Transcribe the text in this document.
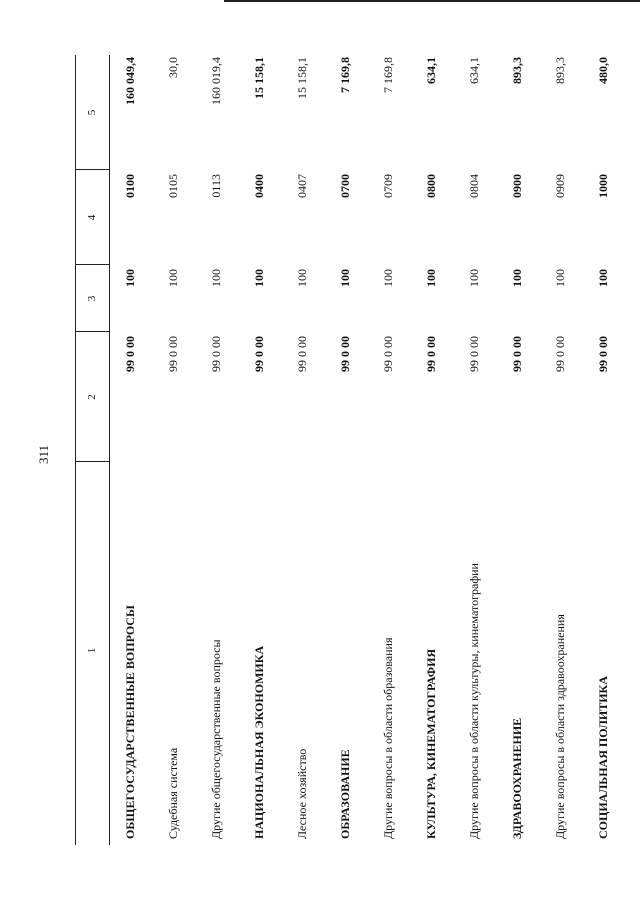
311
1
2
3
4
5
ОБЩЕГОСУДАРСТВЕННЫЕ ВОПРОСЫ
99 0 00
100
0100
160 049,4
Судебная система
99 0 00
100
0105
30,0
Другие общегосударственные вопросы
99 0 00
100
0113
160 019,4
НАЦИОНАЛЬНАЯ ЭКОНОМИКА
99 0 00
100
0400
15 158,1
Лесное хозяйство
99 0 00
100
0407
15 158,1
ОБРАЗОВАНИЕ
99 0 00
100
0700
7 169,8
Другие вопросы в области образования
99 0 00
100
0709
7 169,8
КУЛЬТУРА, КИНЕМАТОГРАФИЯ
99 0 00
100
0800
634,1
Другие вопросы в области культуры, кинематографии
99 0 00
100
0804
634,1
ЗДРАВООХРАНЕНИЕ
99 0 00
100
0900
893,3
Другие вопросы в области здравоохранения
99 0 00
100
0909
893,3
СОЦИАЛЬНАЯ ПОЛИТИКА
99 0 00
100
1000
480,0
